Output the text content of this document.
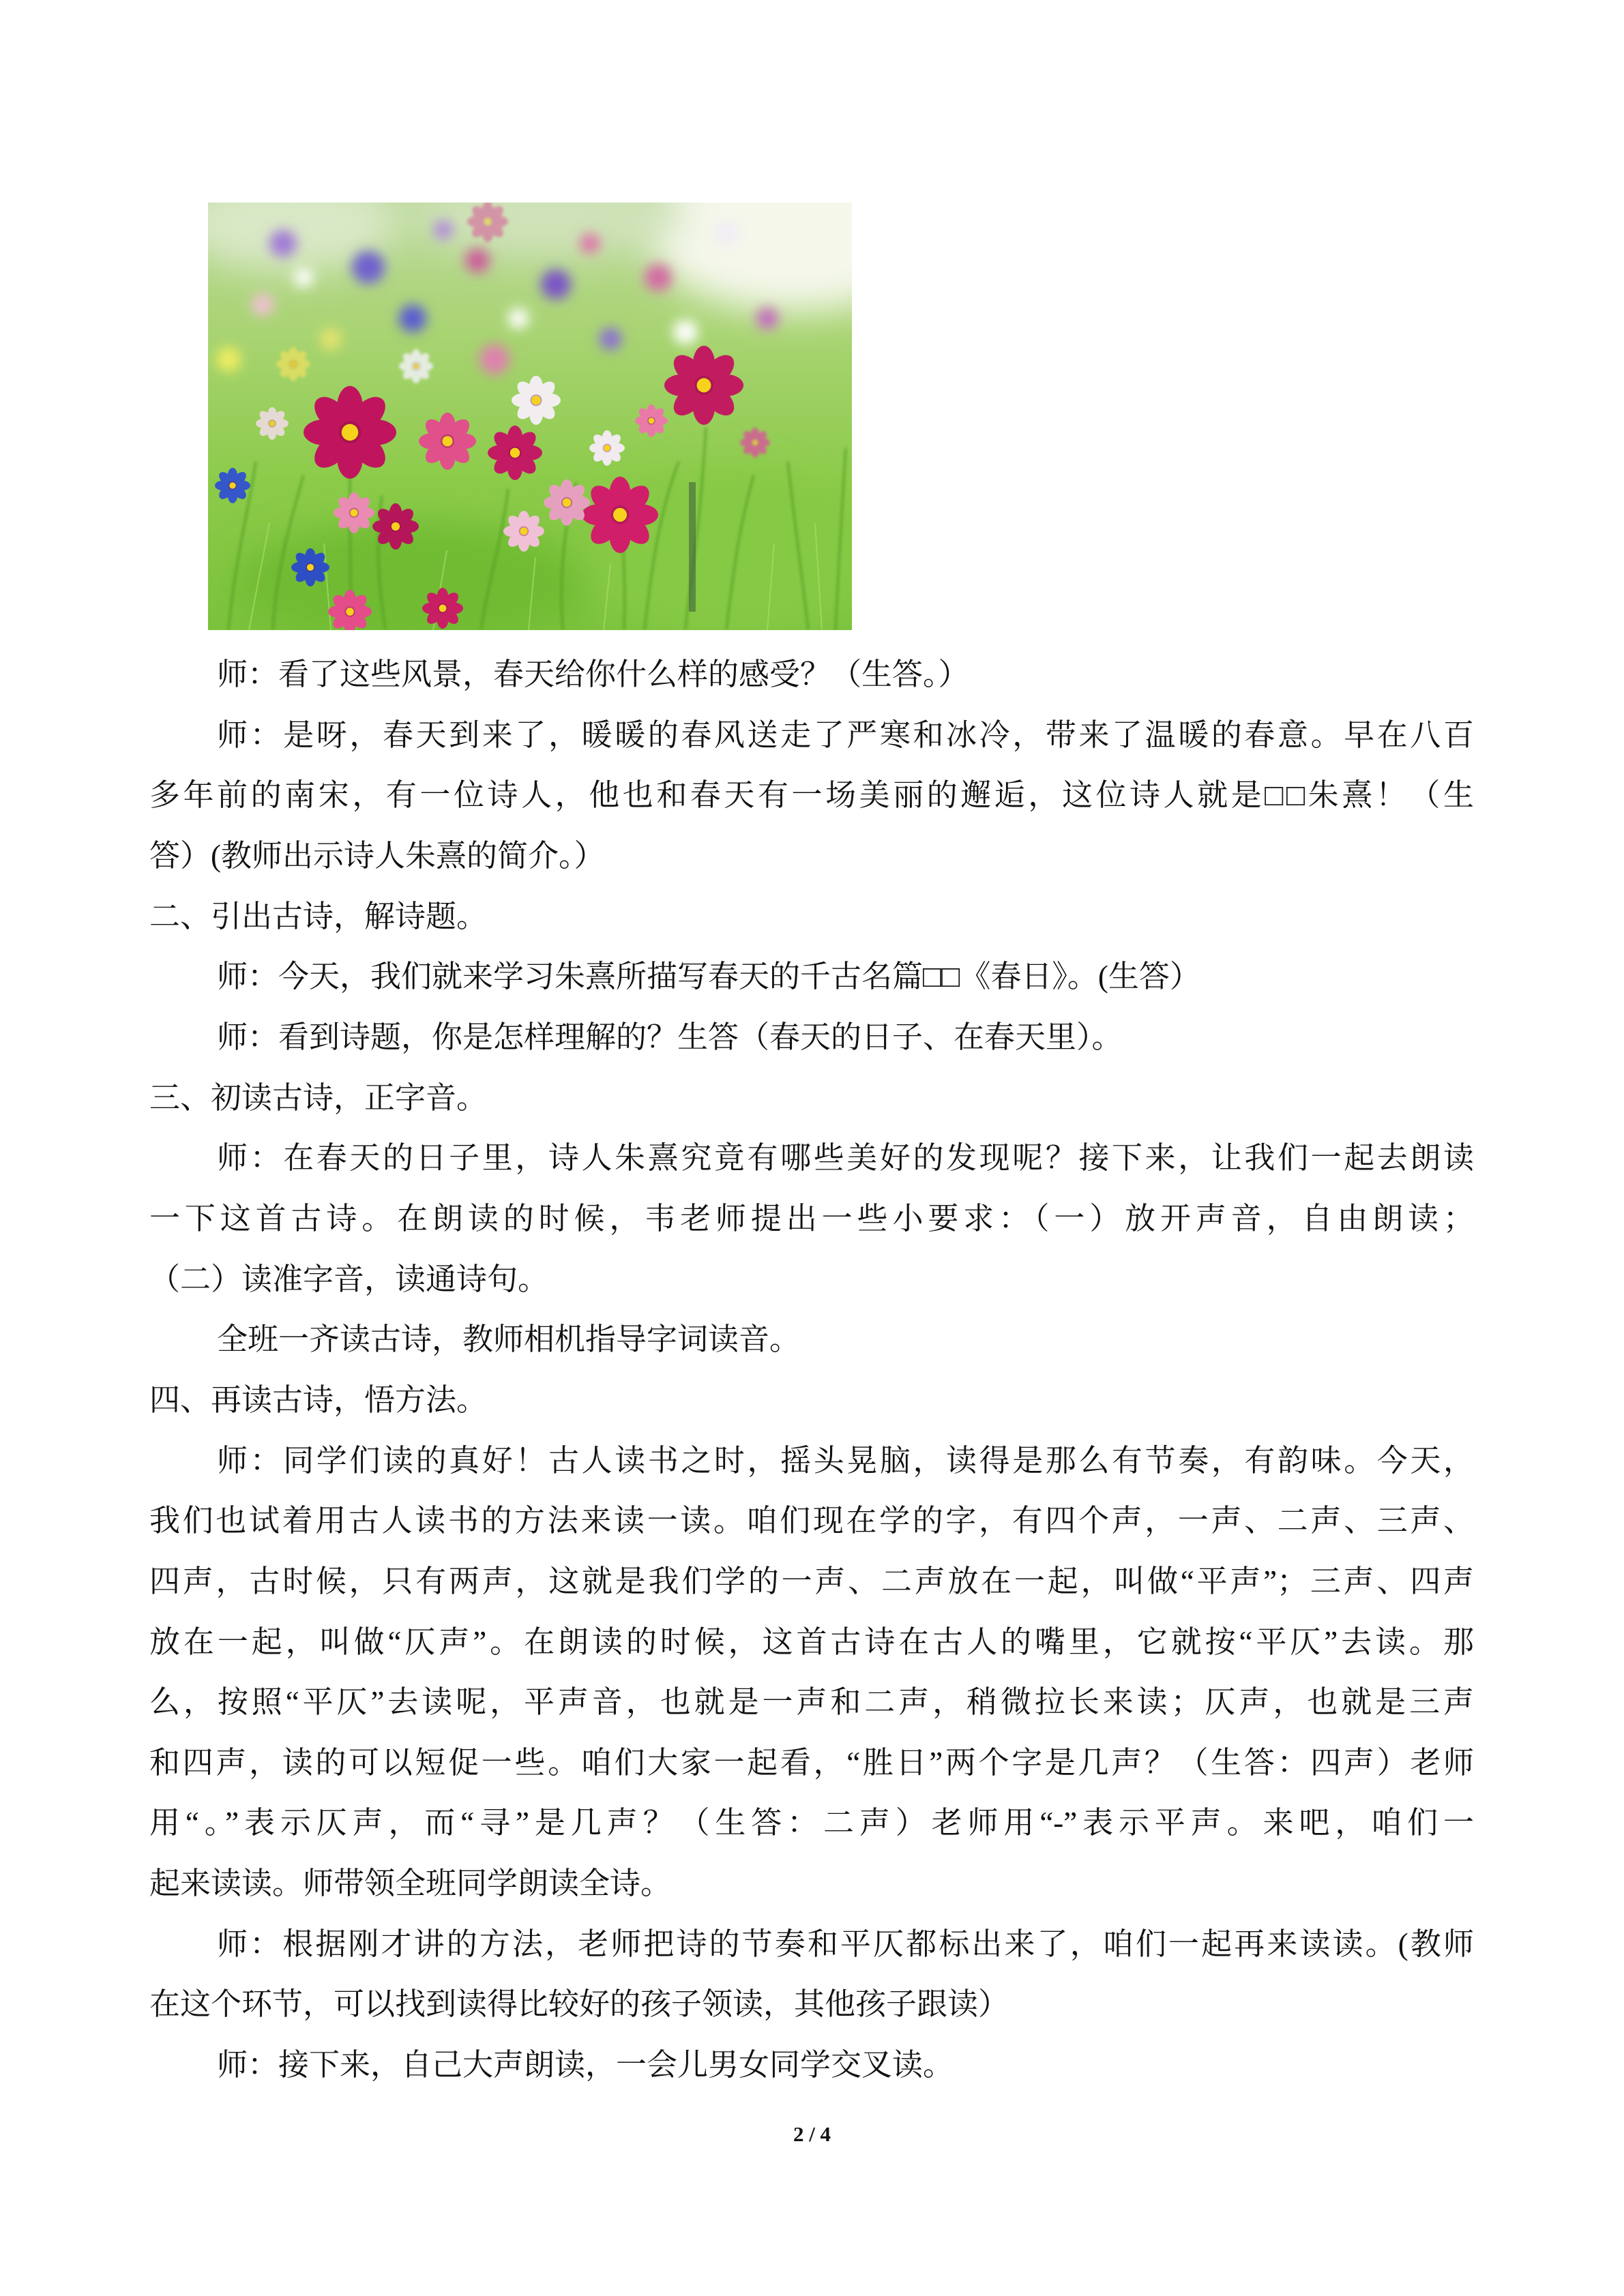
师：看了这些风景，春天给你什么样的感受？（生答。）
师：是呀，春天到来了，暖暖的春风送走了严寒和冰冷，带来了温暖的春意。早在八百
多年前的南宋，有一位诗人，他也和春天有一场美丽的邂逅，这位诗人就是□□朱熹！（生
答）(教师出示诗人朱熹的简介。）
二、引出古诗，解诗题。
师：今天，我们就来学习朱熹所描写春天的千古名篇□□《春日》。(生答）
师：看到诗题，你是怎样理解的？生答（春天的日子、在春天里）。
三、初读古诗，正字音。
师：在春天的日子里，诗人朱熹究竟有哪些美好的发现呢？接下来，让我们一起去朗读
一下这首古诗。在朗读的时候，韦老师提出一些小要求：（一）放开声音，自由朗读；
（二）读准字音，读通诗句。
全班一齐读古诗，教师相机指导字词读音。
四、再读古诗，悟方法。
师：同学们读的真好！古人读书之时，摇头晃脑，读得是那么有节奏，有韵味。今天，
我们也试着用古人读书的方法来读一读。咱们现在学的字，有四个声，一声、二声、三声、
四声，古时候，只有两声，这就是我们学的一声、二声放在一起，叫做“平声”；三声、四声
放在一起，叫做“仄声”。在朗读的时候，这首古诗在古人的嘴里，它就按“平仄”去读。那
么，按照“平仄”去读呢，平声音，也就是一声和二声，稍微拉长来读；仄声，也就是三声
和四声，读的可以短促一些。咱们大家一起看，“胜日”两个字是几声？（生答：四声）老师
用“。”表示仄声，而“寻”是几声？（生答：二声）老师用“-”表示平声。来吧，咱们一
起来读读。师带领全班同学朗读全诗。
师：根据刚才讲的方法，老师把诗的节奏和平仄都标出来了，咱们一起再来读读。(教师
在这个环节，可以找到读得比较好的孩子领读，其他孩子跟读）
师：接下来，自己大声朗读，一会儿男女同学交叉读。
2 / 4
